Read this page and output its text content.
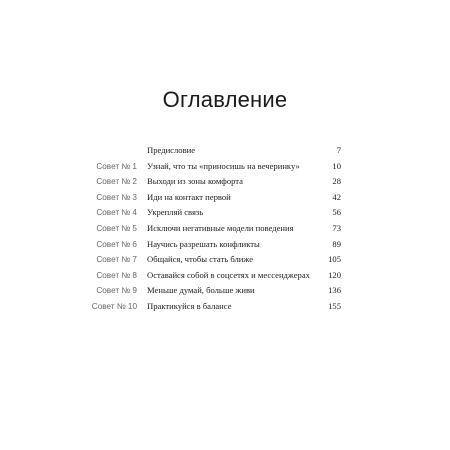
Оглавление
Предисловие	7
Совет № 1 Узнай, что ты «приносишь на вечеринку»	10
Совет № 2 Выходи из зоны комфорта	28
Совет № 3 Иди на контакт первой	42
Совет № 4 Укрепляй связь	56
Совет № 5 Исключи негативные модели поведения	73
Совет № 6 Научись разрешать конфликты	89
Совет № 7 Общайся, чтобы стать ближе	105
Совет № 8 Оставайся собой в соцсетях и мессенджерах 120
Совет № 9 Меньше думай, больше живи	136
Совет № 10 Практикуйся в балансе	155
